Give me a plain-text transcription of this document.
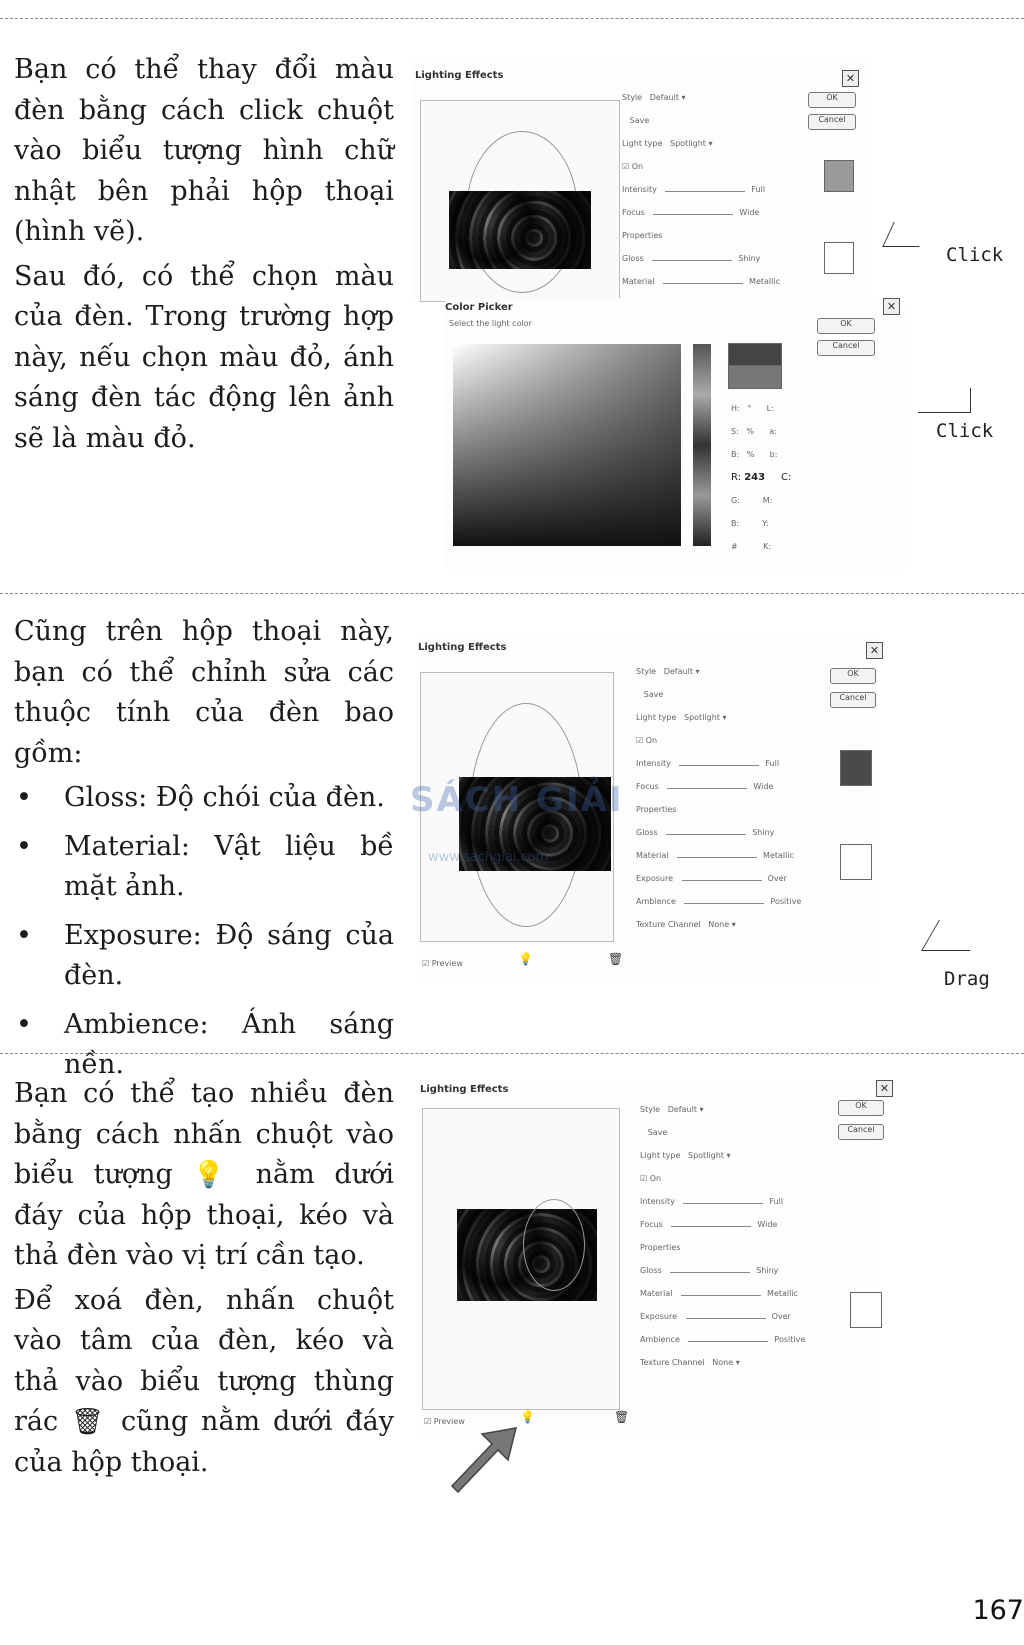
Bạn có thể thay đổi màu đèn bằng cách click chuột vào biểu tượng hình chữ nhật bên phải hộp thoại (hình vẽ).

Sau đó, có thể chọn màu của đèn. Trong trường hợp này, nếu chọn màu đỏ, ánh sáng đèn tác động lên ảnh sẽ là màu đỏ.

Lighting Effects	✕
Style   Default ▾
Save
Light type   Spotlight ▾
☑ On
Intensity	Full
Focus	Wide
Properties
Gloss	Shiny
Material	Metallic
OK
Cancel
Click
Color Picker
Select the light color
✕
OK
Cancel
H:   °      L:
S:   %      a:
B:   %      b:
R: 243     C:
G:         M:
B:         Y:
#          K:
Click

Cũng trên hộp thoại này, bạn có thể chỉnh sửa các thuộc tính của đèn bao gồm:

• Gloss: Độ chói của đèn.
• Material: Vật liệu bề mặt ảnh.
• Exposure: Độ sáng của đèn.
• Ambience: Ánh sáng nền.
Lighting Effects	✕
Style   Default ▾
Save
Light type   Spotlight ▾
☑ On
Intensity	Full
Focus	Wide
Properties
Gloss	Shiny
Material	Metallic
Exposure	Over
Ambience	Positive
Texture Channel   None ▾
OK
Cancel
☑ Preview	💡	🗑
SÁCH GIẢI
www.sachgiai.com
Drag

Bạn có thể tạo nhiều đèn bằng cách nhấn chuột vào biểu tượng 💡 nằm dưới đáy của hộp thoại, kéo và thả đèn vào vị trí cần tạo.

Để xoá đèn, nhấn chuột vào tâm của đèn, kéo và thả vào biểu tượng thùng rác 🗑 cũng nằm dưới đáy của hộp thoại.

Lighting Effects	✕
Style   Default ▾
Save
Light type   Spotlight ▾
☑ On
Intensity	Full
Focus	Wide
Properties
Gloss	Shiny
Material	Metallic
Exposure	Over
Ambience	Positive
Texture Channel   None ▾
OK
Cancel
☑ Preview	💡	🗑
167
